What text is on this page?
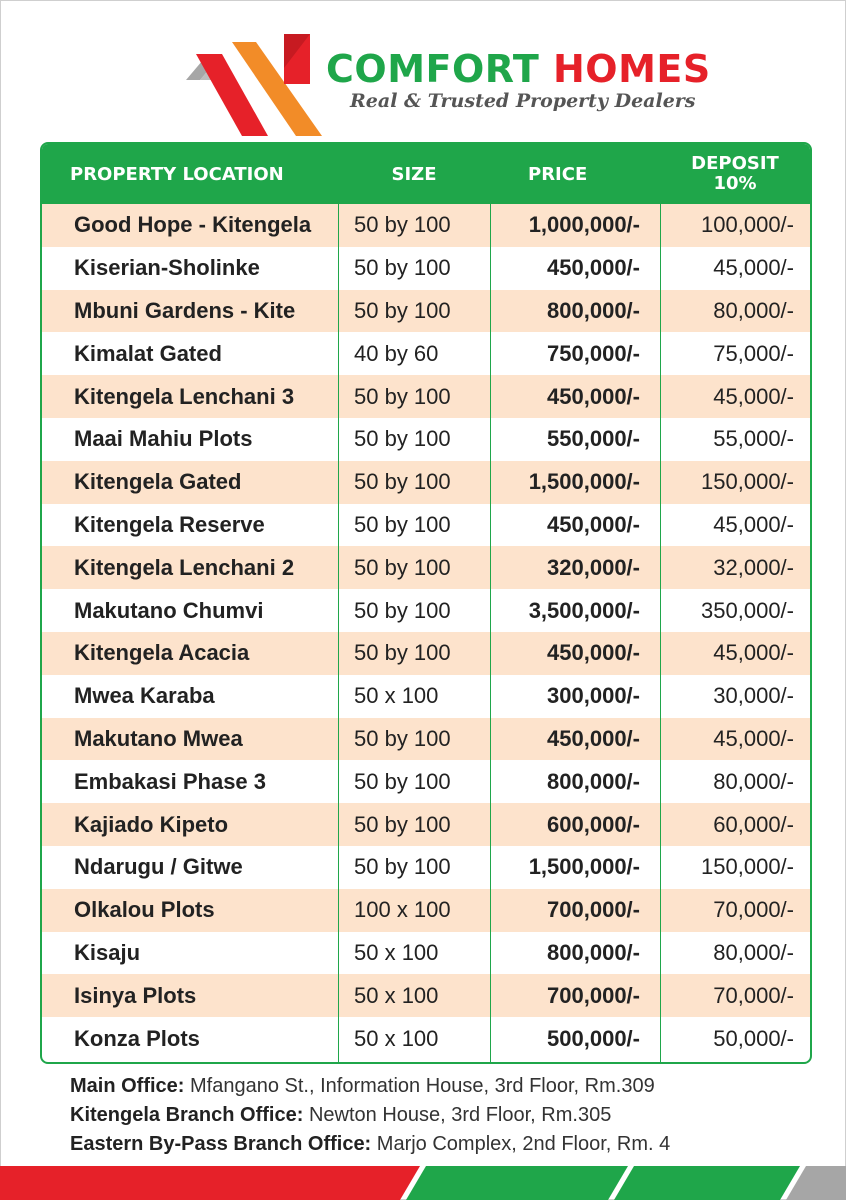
COMFORT HOMES
Real & Trusted Property Dealers
PROPERTY LOCATION	SIZE	PRICE	DEPOSIT
10%
Good Hope - Kitengela	50 by 100	1,000,000/-	100,000/-
Kiserian-Sholinke	50 by 100	450,000/-	45,000/-
Mbuni Gardens - Kite	50 by 100	800,000/-	80,000/-
Kimalat Gated	40 by 60	750,000/-	75,000/-
Kitengela Lenchani 3	50 by 100	450,000/-	45,000/-
Maai Mahiu Plots	50 by 100	550,000/-	55,000/-
Kitengela Gated	50 by 100	1,500,000/-	150,000/-
Kitengela Reserve	50 by 100	450,000/-	45,000/-
Kitengela Lenchani 2	50 by 100	320,000/-	32,000/-
Makutano Chumvi	50 by 100	3,500,000/-	350,000/-
Kitengela Acacia	50 by 100	450,000/-	45,000/-
Mwea Karaba	50 x 100	300,000/-	30,000/-
Makutano Mwea	50 by 100	450,000/-	45,000/-
Embakasi Phase 3	50 by 100	800,000/-	80,000/-
Kajiado Kipeto	50 by 100	600,000/-	60,000/-
Ndarugu / Gitwe	50 by 100	1,500,000/-	150,000/-
Olkalou Plots	100 x 100	700,000/-	70,000/-
Kisaju	50 x 100	800,000/-	80,000/-
Isinya Plots	50 x 100	700,000/-	70,000/-
Konza Plots	50 x 100	500,000/-	50,000/-
Main Office: Mfangano St., Information House, 3rd Floor, Rm.309
Kitengela Branch Office: Newton House, 3rd Floor, Rm.305
Eastern By-Pass Branch Office: Marjo Complex, 2nd Floor, Rm. 4
